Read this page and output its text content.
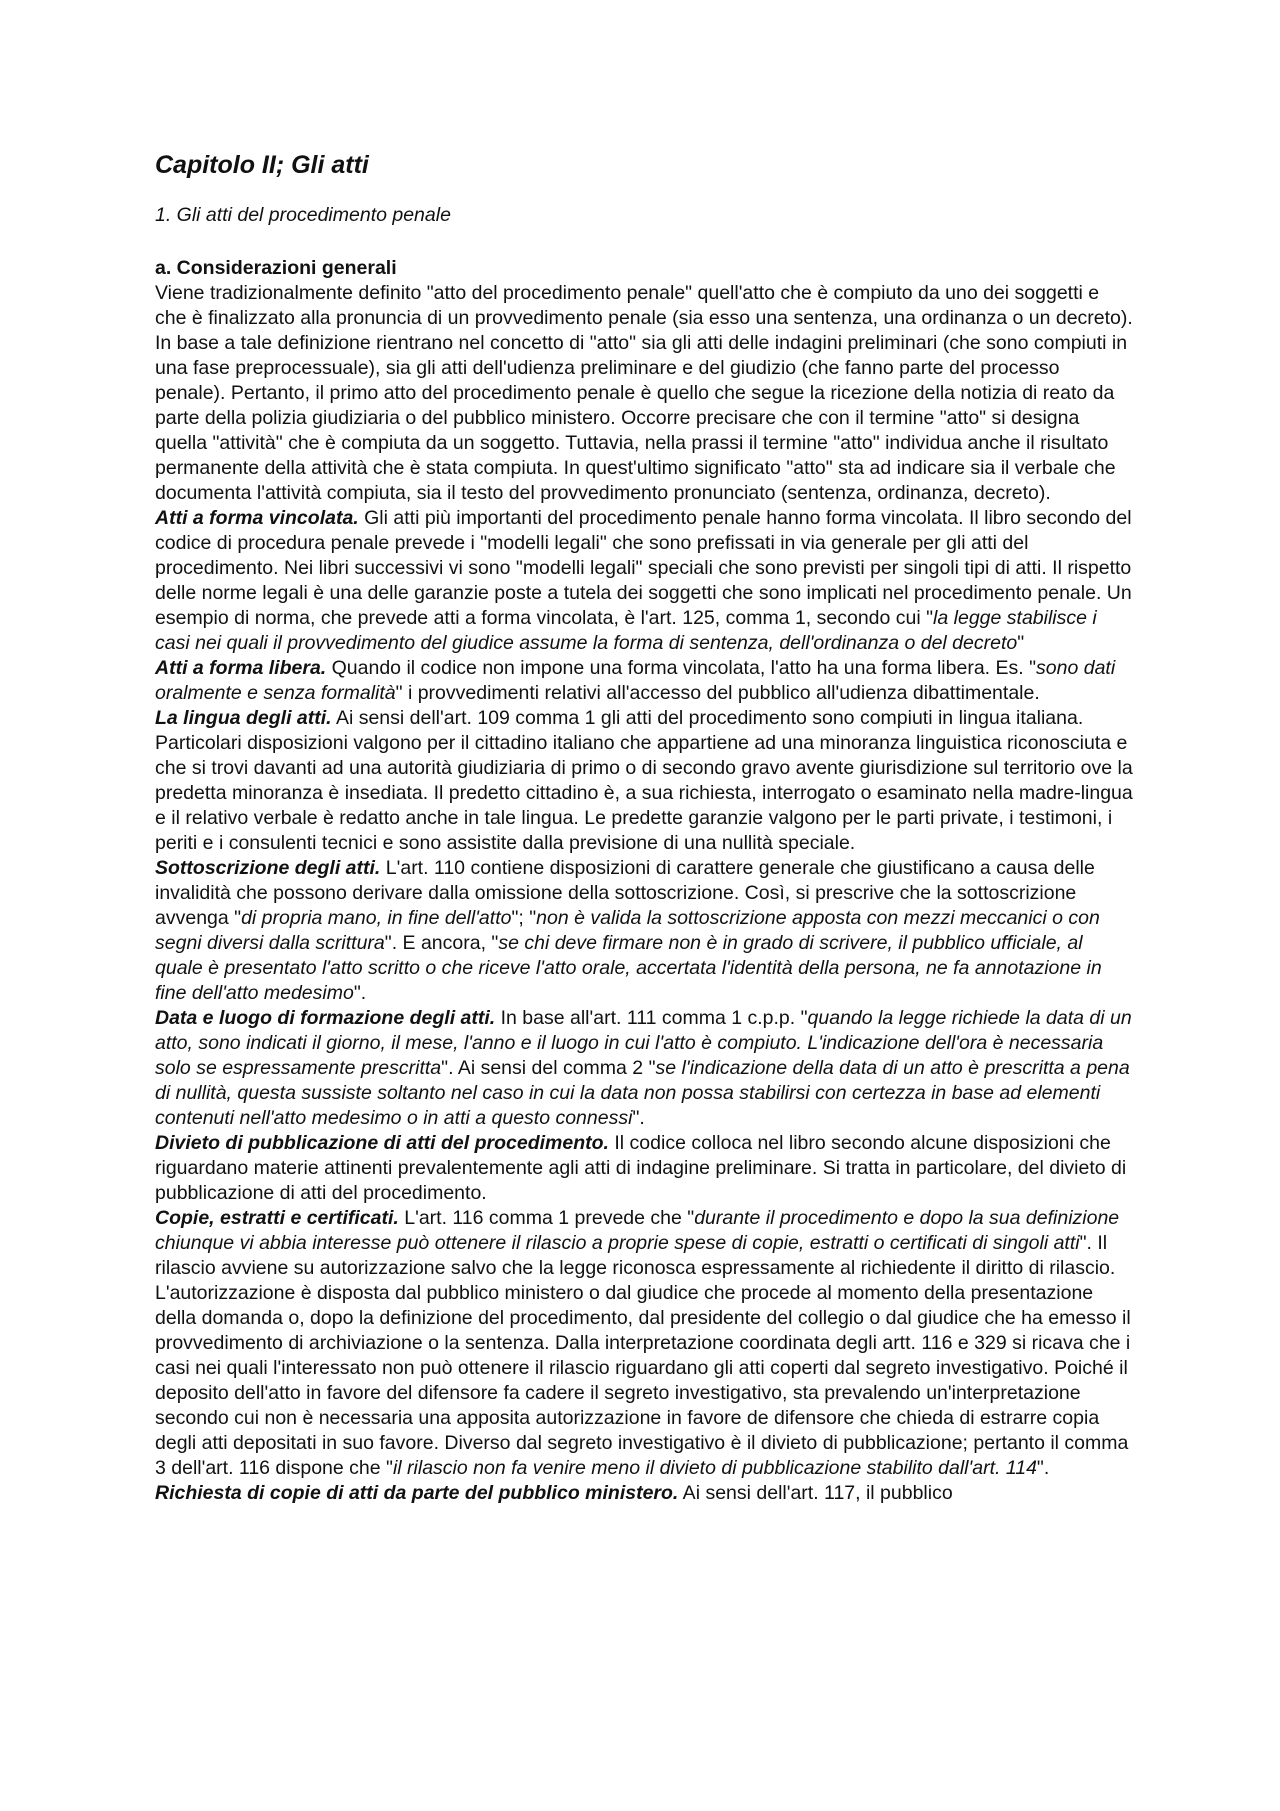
Capitolo II; Gli atti
1. Gli atti del procedimento penale
a. Considerazioni generali

Viene tradizionalmente definito "atto del procedimento penale" quell'atto che è compiuto da uno dei soggetti e che è finalizzato alla pronuncia di un provvedimento penale (sia esso una sentenza, una ordinanza o un decreto). In base a tale definizione rientrano nel concetto di "atto" sia gli atti delle indagini preliminari (che sono compiuti in una fase preprocessuale), sia gli atti dell'udienza preliminare e del giudizio (che fanno parte del processo penale). Pertanto, il primo atto del procedimento penale è quello che segue la ricezione della notizia di reato da parte della polizia giudiziaria o del pubblico ministero. Occorre precisare che con il termine "atto" si designa quella "attività" che è compiuta da un soggetto. Tuttavia, nella prassi il termine "atto" individua anche il risultato permanente della attività che è stata compiuta. In quest'ultimo significato "atto" sta ad indicare sia il verbale che documenta l'attività compiuta, sia il testo del provvedimento pronunciato (sentenza, ordinanza, decreto).

Atti a forma vincolata. Gli atti più importanti del procedimento penale hanno forma vincolata. Il libro secondo del codice di procedura penale prevede i "modelli legali" che sono prefissati in via generale per gli atti del procedimento. Nei libri successivi vi sono "modelli legali" speciali che sono previsti per singoli tipi di atti. Il rispetto delle norme legali è una delle garanzie poste a tutela dei soggetti che sono implicati nel procedimento penale. Un esempio di norma, che prevede atti a forma vincolata, è l'art. 125, comma 1, secondo cui "la legge stabilisce i casi nei quali il provvedimento del giudice assume la forma di sentenza, dell'ordinanza o del decreto"

Atti a forma libera. Quando il codice non impone una forma vincolata, l'atto ha una forma libera. Es. "sono dati oralmente e senza formalità" i provvedimenti relativi all'accesso del pubblico all'udienza dibattimentale.

La lingua degli atti. Ai sensi dell'art. 109 comma 1 gli atti del procedimento sono compiuti in lingua italiana. Particolari disposizioni valgono per il cittadino italiano che appartiene ad una minoranza linguistica riconosciuta e che si trovi davanti ad una autorità giudiziaria di primo o di secondo gravo avente giurisdizione sul territorio ove la predetta minoranza è insediata. Il predetto cittadino è, a sua richiesta, interrogato o esaminato nella madre-lingua e il relativo verbale è redatto anche in tale lingua. Le predette garanzie valgono per le parti private, i testimoni, i periti e i consulenti tecnici e sono assistite dalla previsione di una nullità speciale.

Sottoscrizione degli atti. L'art. 110 contiene disposizioni di carattere generale che giustificano a causa delle invalidità che possono derivare dalla omissione della sottoscrizione. Così, si prescrive che la sottoscrizione avvenga "di propria mano, in fine dell'atto"; "non è valida la sottoscrizione apposta con mezzi meccanici o con segni diversi dalla scrittura". E ancora, "se chi deve firmare non è in grado di scrivere, il pubblico ufficiale, al quale è presentato l'atto scritto o che riceve l'atto orale, accertata l'identità della persona, ne fa annotazione in fine dell'atto medesimo".

Data e luogo di formazione degli atti. In base all'art. 111 comma 1 c.p.p. "quando la legge richiede la data di un atto, sono indicati il giorno, il mese, l'anno e il luogo in cui l'atto è compiuto. L'indicazione dell'ora è necessaria solo se espressamente prescritta". Ai sensi del comma 2 "se l'indicazione della data di un atto è prescritta a pena di nullità, questa sussiste soltanto nel caso in cui la data non possa stabilirsi con certezza in base ad elementi contenuti nell'atto medesimo o in atti a questo connessi".

Divieto di pubblicazione di atti del procedimento. Il codice colloca nel libro secondo alcune disposizioni che riguardano materie attinenti prevalentemente agli atti di indagine preliminare. Si tratta in particolare, del divieto di pubblicazione di atti del procedimento.

Copie, estratti e certificati. L'art. 116 comma 1 prevede che "durante il procedimento e dopo la sua definizione chiunque vi abbia interesse può ottenere il rilascio a proprie spese di copie, estratti o certificati di singoli atti". Il rilascio avviene su autorizzazione salvo che la legge riconosca espressamente al richiedente il diritto di rilascio. L'autorizzazione è disposta dal pubblico ministero o dal giudice che procede al momento della presentazione della domanda o, dopo la definizione del procedimento, dal presidente del collegio o dal giudice che ha emesso il provvedimento di archiviazione o la sentenza. Dalla interpretazione coordinata degli artt. 116 e 329 si ricava che i casi nei quali l'interessato non può ottenere il rilascio riguardano gli atti coperti dal segreto investigativo. Poiché il deposito dell'atto in favore del difensore fa cadere il segreto investigativo, sta prevalendo un'interpretazione secondo cui non è necessaria una apposita autorizzazione in favore de difensore che chieda di estrarre copia degli atti depositati in suo favore. Diverso dal segreto investigativo è il divieto di pubblicazione; pertanto il comma 3 dell'art. 116 dispone che "il rilascio non fa venire meno il divieto di pubblicazione stabilito dall'art. 114".

Richiesta di copie di atti da parte del pubblico ministero. Ai sensi dell'art. 117, il pubblico
